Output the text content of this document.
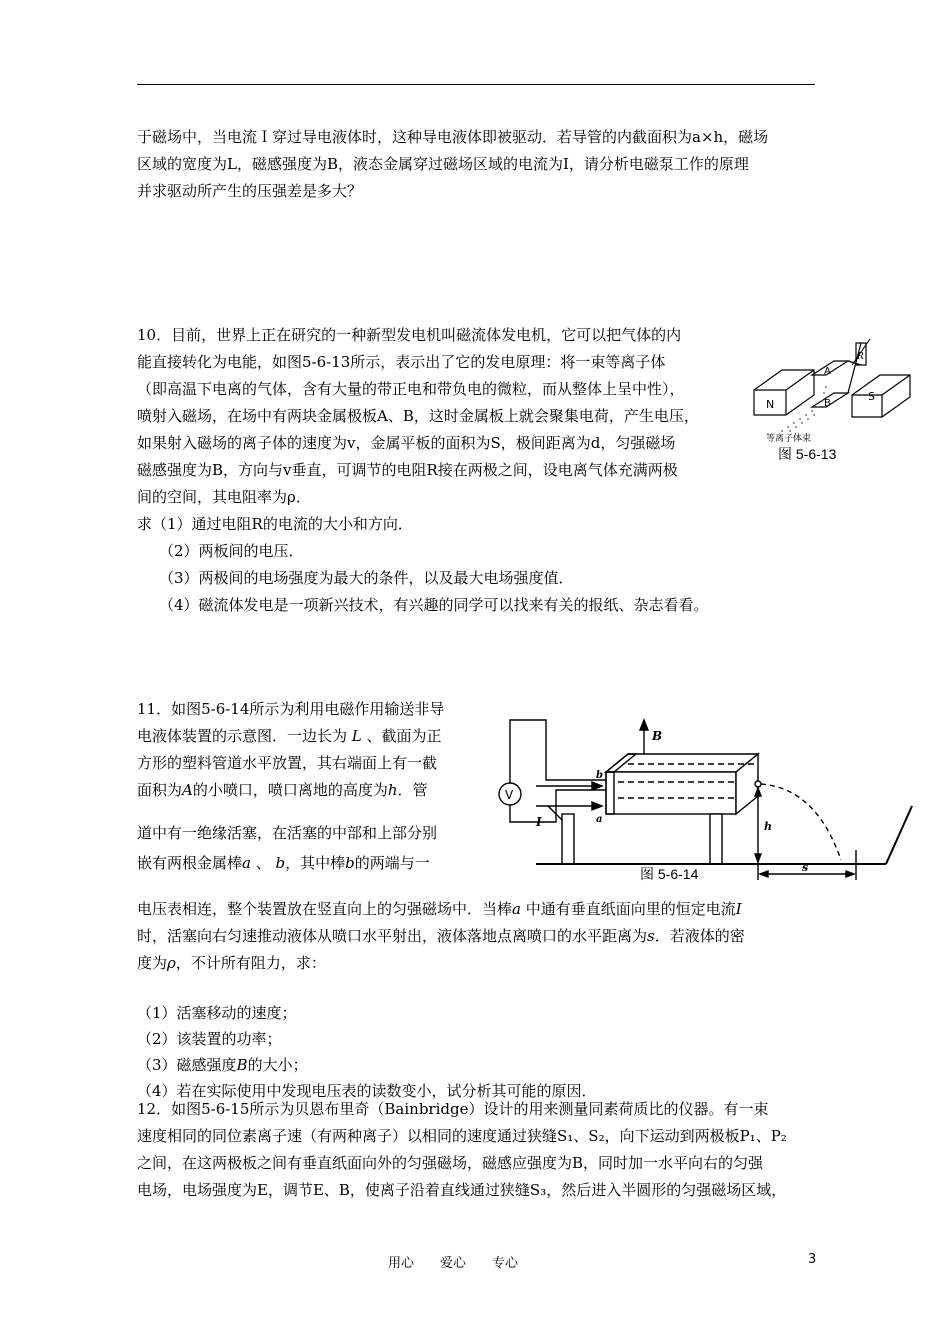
于磁场中，当电流Ｉ穿过导电液体时，这种导电液体即被驱动．若导管的内截面积为a×h，磁场
区域的宽度为L，磁感强度为B，液态金属穿过磁场区域的电流为I，请分析电磁泵工作的原理
并求驱动所产生的压强差是多大？
10．目前，世界上正在研究的一种新型发电机叫磁流体发电机，它可以把气体的内
能直接转化为电能，如图5-6-13所示，表示出了它的发电原理：将一束等离子体
（即高温下电离的气体，含有大量的带正电和带负电的微粒，而从整体上呈中性），
喷射入磁场，在场中有两块金属极板A、B，这时金属板上就会聚集电荷，产生电压，
如果射入磁场的离子体的速度为v，金属平板的面积为S，极间距离为d，匀强磁场
磁感强度为B，方向与v垂直，可调节的电阻R接在两极之间，设电离气体充满两极
间的空间，其电阻率为ρ．
求（1）通过电阻R的电流的大小和方向．
（2）两板间的电压．
（3）两极间的电场强度为最大的条件，以及最大电场强度值．
（4）磁流体发电是一项新兴技术，有兴趣的同学可以找来有关的报纸、杂志看看。
N
A
S
B
R
等离子体束
图 5-6-13
11．如图5-6-14所示为利用电磁作用输送非导
电液体装置的示意图．一边长为 L 、截面为正
方形的塑料管道水平放置，其右端面上有一截
面积为A的小喷口，喷口离地的高度为h．管
道中有一绝缘活塞，在活塞的中部和上部分别
嵌有两根金属棒a 、 b，其中棒b的两端与一
电压表相连，整个装置放在竖直向上的匀强磁场中．当棒a 中通有垂直纸面向里的恒定电流I
时，活塞向右匀速推动液体从喷口水平射出，液体落地点离喷口的水平距离为s．若液体的密
度为ρ，不计所有阻力，求：
（1）活塞移动的速度；
（2）该装置的功率；
（3）磁感强度B的大小；
（4）若在实际使用中发现电压表的读数变小，试分析其可能的原因．
V
B
I	a
b
h
s
图 5-6-14
12．如图5-6-15所示为贝恩布里奇（Bainbridge）设计的用来测量同素荷质比的仪器。有一束
速度相同的同位素离子速（有两种离子）以相同的速度通过狭缝S₁、S₂，向下运动到两极板P₁、P₂
之间，在这两极板之间有垂直纸面向外的匀强磁场，磁感应强度为B，同时加一水平向右的匀强
电场，电场强度为E，调节E、B，使离子沿着直线通过狭缝S₃，然后进入半圆形的匀强磁场区域，
用心　　爱心　　专心	3
